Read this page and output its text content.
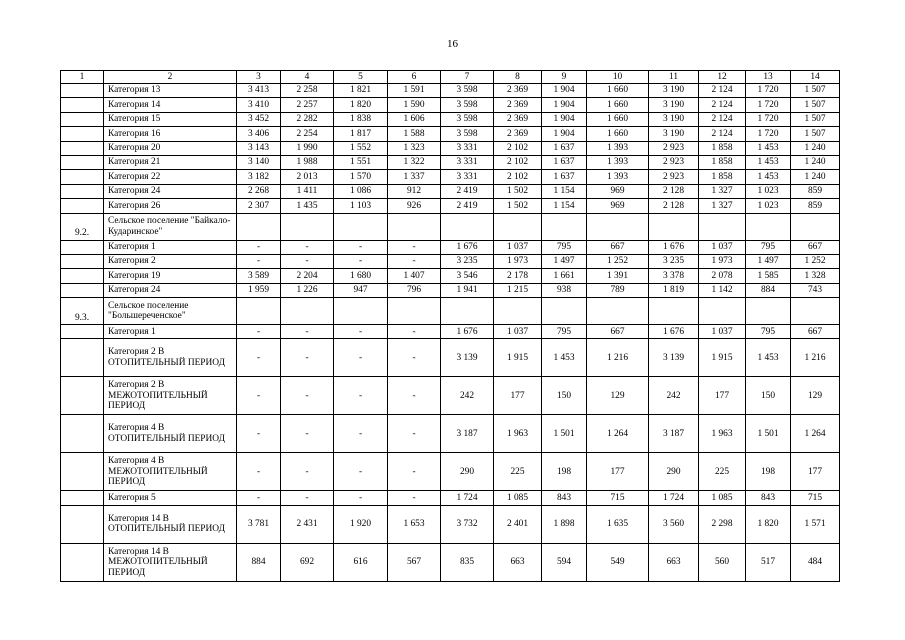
16
1	2	3	4	5	6	7	8	9	10	11	12	13	14
	Категория 13	3 413	2 258	1 821	1 591	3 598	2 369	1 904	1 660	3 190	2 124	1 720	1 507
	Категория 14	3 410	2 257	1 820	1 590	3 598	2 369	1 904	1 660	3 190	2 124	1 720	1 507
	Категория 15	3 452	2 282	1 838	1 606	3 598	2 369	1 904	1 660	3 190	2 124	1 720	1 507
	Категория 16	3 406	2 254	1 817	1 588	3 598	2 369	1 904	1 660	3 190	2 124	1 720	1 507
	Категория 20	3 143	1 990	1 552	1 323	3 331	2 102	1 637	1 393	2 923	1 858	1 453	1 240
	Категория 21	3 140	1 988	1 551	1 322	3 331	2 102	1 637	1 393	2 923	1 858	1 453	1 240
	Категория 22	3 182	2 013	1 570	1 337	3 331	2 102	1 637	1 393	2 923	1 858	1 453	1 240
	Категория 24	2 268	1 411	1 086	912	2 419	1 502	1 154	969	2 128	1 327	1 023	859
	Категория 26	2 307	1 435	1 103	926	2 419	1 502	1 154	969	2 128	1 327	1 023	859
9.2.	Сельское поселение "Байкало-Кударинское"												
	Категория 1	-	-	-	-	1 676	1 037	795	667	1 676	1 037	795	667
	Категория 2	-	-	-	-	3 235	1 973	1 497	1 252	3 235	1 973	1 497	1 252
	Категория 19	3 589	2 204	1 680	1 407	3 546	2 178	1 661	1 391	3 378	2 078	1 585	1 328
	Категория 24	1 959	1 226	947	796	1 941	1 215	938	789	1 819	1 142	884	743
9.3.	Сельское поселение "Большереченское"												
	Категория 1	-	-	-	-	1 676	1 037	795	667	1 676	1 037	795	667
	Категория 2 В ОТОПИТЕЛЬНЫЙ ПЕРИОД	-	-	-	-	3 139	1 915	1 453	1 216	3 139	1 915	1 453	1 216
	Категория 2 В МЕЖОТОПИТЕЛЬНЫЙ ПЕРИОД	-	-	-	-	242	177	150	129	242	177	150	129
	Категория 4 В ОТОПИТЕЛЬНЫЙ ПЕРИОД	-	-	-	-	3 187	1 963	1 501	1 264	3 187	1 963	1 501	1 264
	Категория 4 В МЕЖОТОПИТЕЛЬНЫЙ ПЕРИОД	-	-	-	-	290	225	198	177	290	225	198	177
	Категория 5	-	-	-	-	1 724	1 085	843	715	1 724	1 085	843	715
	Категория 14 В ОТОПИТЕЛЬНЫЙ ПЕРИОД	3 781	2 431	1 920	1 653	3 732	2 401	1 898	1 635	3 560	2 298	1 820	1 571
	Категория 14 В МЕЖОТОПИТЕЛЬНЫЙ ПЕРИОД	884	692	616	567	835	663	594	549	663	560	517	484
